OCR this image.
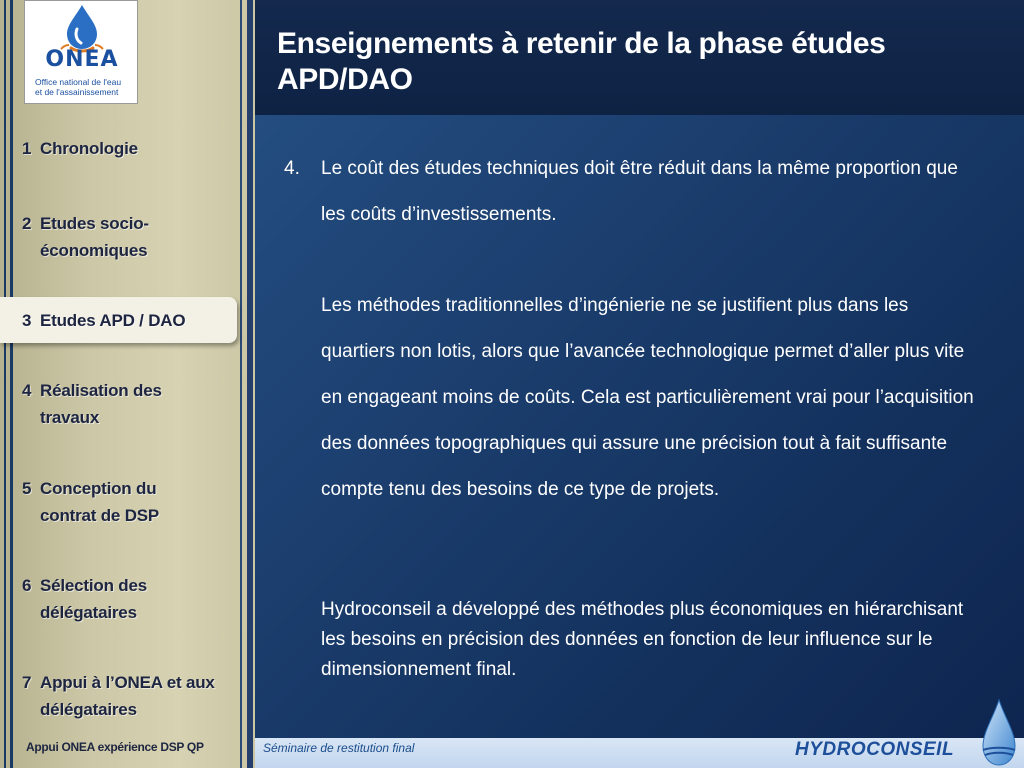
ONEA
Office national de l'eau
et de l'assainissement
1 Chronologie
2 Etudes socio-économiques
3 Etudes APD / DAO
4 Réalisation des travaux
5 Conception du contrat de DSP
6 Sélection des délégataires
7 Appui à l’ONEA et aux délégataires
Appui ONEA expérience DSP QP
Enseignements à retenir de la phase études APD/DAO
4. Le coût des études techniques doit être réduit dans la même proportion que les coûts d’investissements.
Les méthodes traditionnelles d’ingénierie ne se justifient plus dans les quartiers non lotis, alors que l’avancée technologique permet d’aller plus vite en engageant moins de coûts. Cela est particulièrement vrai pour l’acquisition des données topographiques qui assure une précision tout à fait suffisante compte tenu des besoins de ce type de projets.
Hydroconseil a développé des méthodes plus économiques en hiérarchisant les besoins en précision des données en fonction de leur influence sur le dimensionnement final.
Séminaire de restitution final	HYDROCONSEIL
